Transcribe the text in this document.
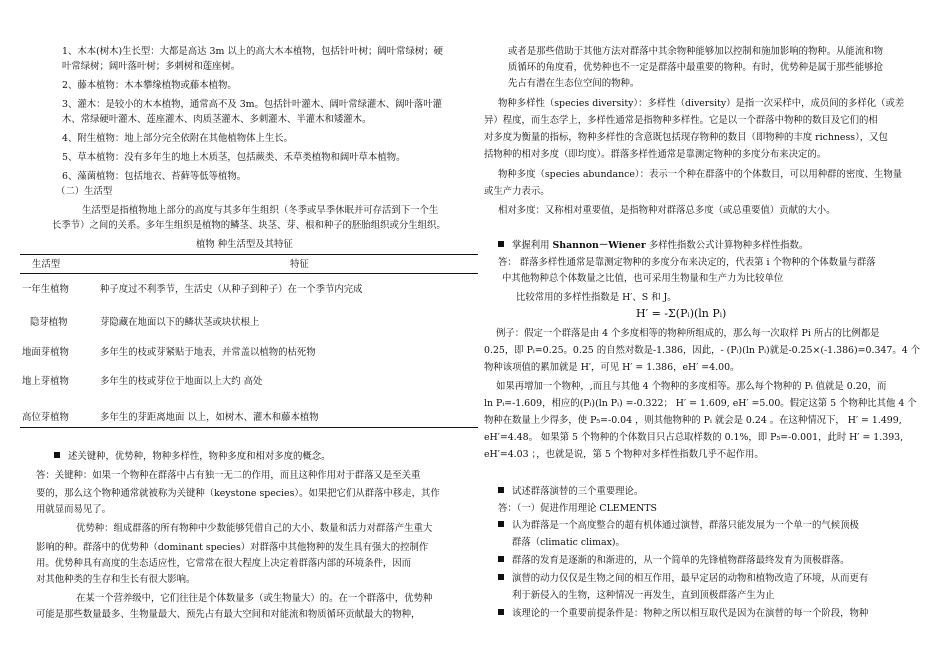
1、木本(树木)生长型：大都是高达 3m 以上的高大木本植物，包括针叶树；阔叶常绿树；硬
叶常绿树；阔叶落叶树；多刺树和莲座树。
2、藤本植物：木本攀缘植物或藤本植物。
3、灌木：是较小的木本植物，通常高不及 3m。包括针叶灌木、阔叶常绿灌木、阔叶落叶灌
木、常绿硬叶灌木、莲座灌木、肉质茎灌木、多刺灌木、半灌木和矮灌木。
4、附生植物：地上部分完全依附在其他植物体上生长。
5、草本植物：没有多年生的地上木质茎，包括蕨类、禾草类植物和阔叶草本植物。
6、藻菌植物：包括地衣、苔藓等低等植物。
（二）生活型
生活型是指植物地上部分的高度与其多年生组织（冬季或旱季休眠并可存活到下一个生
长季节）之间的关系。多年生组织是植物的鳞茎、块茎、芽、根和种子的胚胎组织或分生组织。
植物 种生活型及其特征
生活型	特征
一年生植物	种子度过不利季节，生活史（从种子到种子）在一个季节内完成
隐芽植物	芽隐藏在地面以下的鳞状茎或块状根上
地面芽植物	多年生的枝或芽紧贴于地表，并常盖以植物的枯死物
地上芽植物	多年生的枝或芽位于地面以上大约 高处
高位芽植物	多年生的芽距离地面 以上，如树木、灌木和藤本植物
述关键种，优势种，物种多样性，物种多度和相对多度的概念。
答：关键种：如果一个物种在群落中占有独一无二的作用，而且这种作用对于群落又是至关重
要的，那么这个物种通常就被称为关键种（keystone species）。如果把它们从群落中移走，其作
用就显而易见了。
优势种：组成群落的所有物种中少数能够凭借自己的大小、数量和活力对群落产生重大
影响的种。群落中的优势种（dominant species）对群落中其他物种的发生具有强大的控制作
用。优势种具有高度的生态适应性，它常常在很大程度上决定着群落内部的环境条件，因而
对其他种类的生存和生长有很大影响。
在某一个营养级中，它们往往是个体数量多（或生物量大）的。在一个群落中，优势种
可能是那些数量最多、生物量最大、预先占有最大空间和对能流和物质循环贡献最大的物种，
或者是那些借助于其他方法对群落中其余物种能够加以控制和施加影响的物种。从能流和物
质循环的角度看，优势种也不一定是群落中最重要的物种。有时，优势种是属于那些能够抢
先占有潜在生态位空间的物种。
物种多样性（species diversity）：多样性（diversity）是指一次采样中，成员间的多样化（或差
异）程度，而生态学上，多样性通常是指物种多样性。它是以一个群落中物种的数目及它们的相
对多度为衡量的指标，物种多样性的含意既包括现存物种的数目（即物种的丰度 richness），又包
括物种的相对多度（即均度）。群落多样性通常是靠测定物种的多度分布来决定的。
物种多度（species abundance）：表示一个种在群落中的个体数目，可以用种群的密度、生物量
或生产力表示。
相对多度：又称相对重要值，是指物种对群落总多度（或总重要值）贡献的大小。
掌握利用 Shannon－Wiener 多样性指数公式计算物种多样性指数。
答： 群落多样性通常是靠测定物种的多度分布来决定的，代表第 i 个物种的个体数量与群落
中其他物种总个体数量之比值，也可采用生物量和生产力为比较单位
比较常用的多样性指数是 H′、S 和 J。
H′ = -Σ(Pᵢ)(ln Pᵢ)
例子：假定一个群落是由 4 个多度相等的物种所组成的，那么每一次取样 Pi 所占的比例都是
0.25，即 Pᵢ=0.25。0.25 的自然对数是-1.386，因此，- (Pᵢ)(ln Pᵢ)就是-0.25×(-1.386)=0.347。4 个
物种该项值的累加就是 H′，可见 H′ = 1.386，eH′ =4.00。
如果再增加一个物种，,而且与其他 4 个物种的多度相等。那么每个物种的 Pᵢ 值就是 0.20，而
ln Pᵢ=-1.609，相应的(Pᵢ)(ln Pᵢ) =-0.322； H′ = 1.609, eH′ =5.00。假定这第 5 个物种比其他 4 个
物种在数量上少得多，使 P₅=-0.04 ，则其他物种的 Pᵢ 就会是 0.24 。在这种情况下， H′ = 1.499,
eH′=4.48。 如果第 5 个物种的个体数目只占总取样数的 0.1%，即 P₅=-0.001，此时 H′ = 1.393,
eH′=4.03 ；，也就是说，第 5 个物种对多样性指数几乎不起作用。
试述群落演替的三个重要理论。
答：（一）促进作用理论 CLEMENTS
认为群落是一个高度整合的超有机体通过演替，群落只能发展为一个单一的气候顶极
群落（climatic climax)。
群落的发育是逐渐的和渐进的，从一个简单的先锋植物群落最终发育为顶极群落。
演替的动力仅仅是生物之间的相互作用，最早定居的动物和植物改造了环境，从而更有
利于新侵入的生物，这种情况一再发生，直到顶极群落产生为止
该理论的一个重要前提条件是：物种之所以相互取代是因为在演替的每一个阶段，物种
